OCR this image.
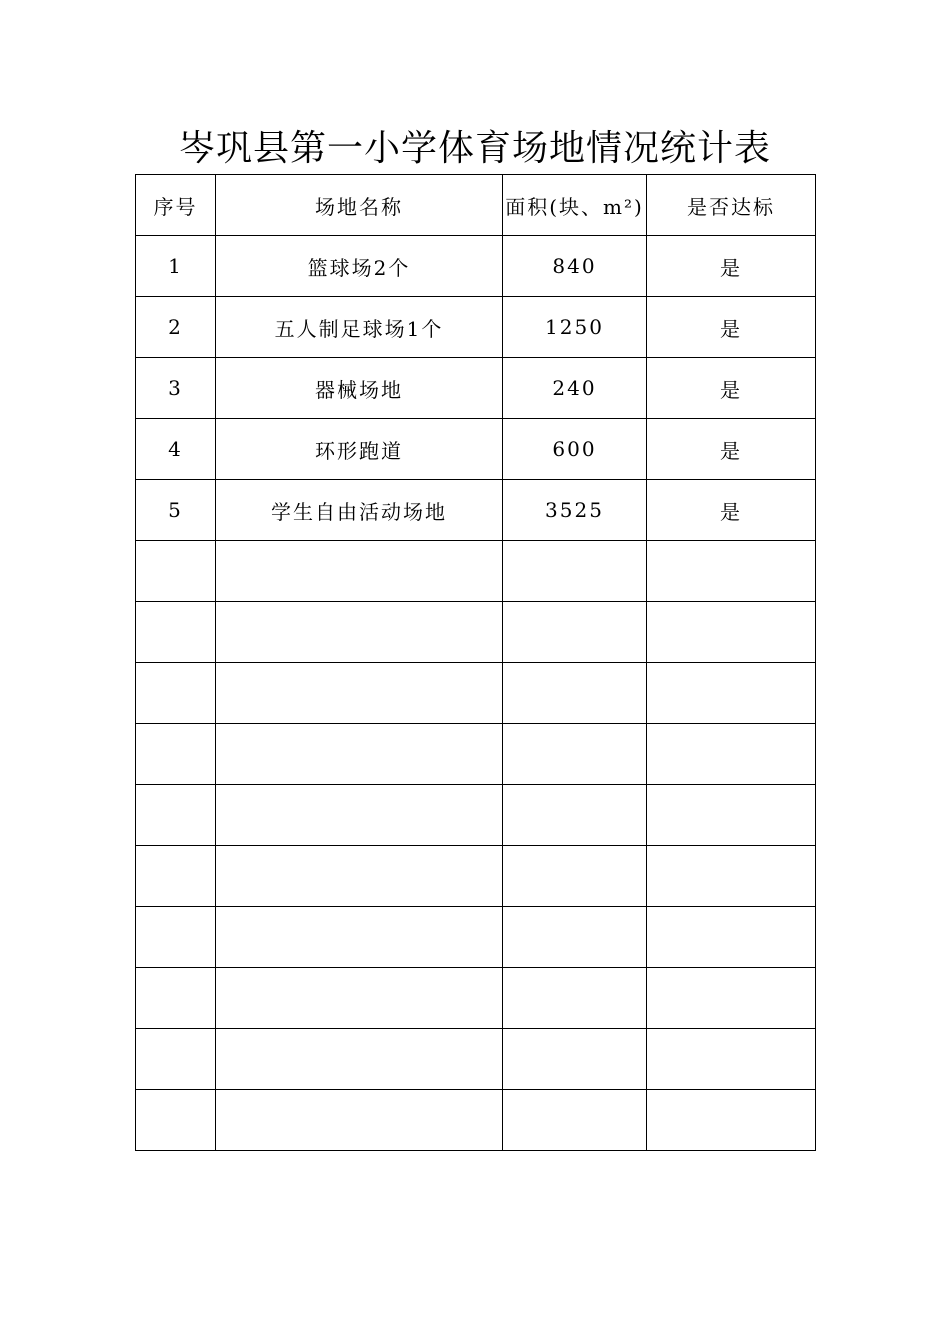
岑巩县第一小学体育场地情况统计表
序号	场地名称	面积(块、m²)	是否达标
1	篮球场2个	840	是
2	五人制足球场1个	1250	是
3	器械场地	240	是
4	环形跑道	600	是
5	学生自由活动场地	3525	是
